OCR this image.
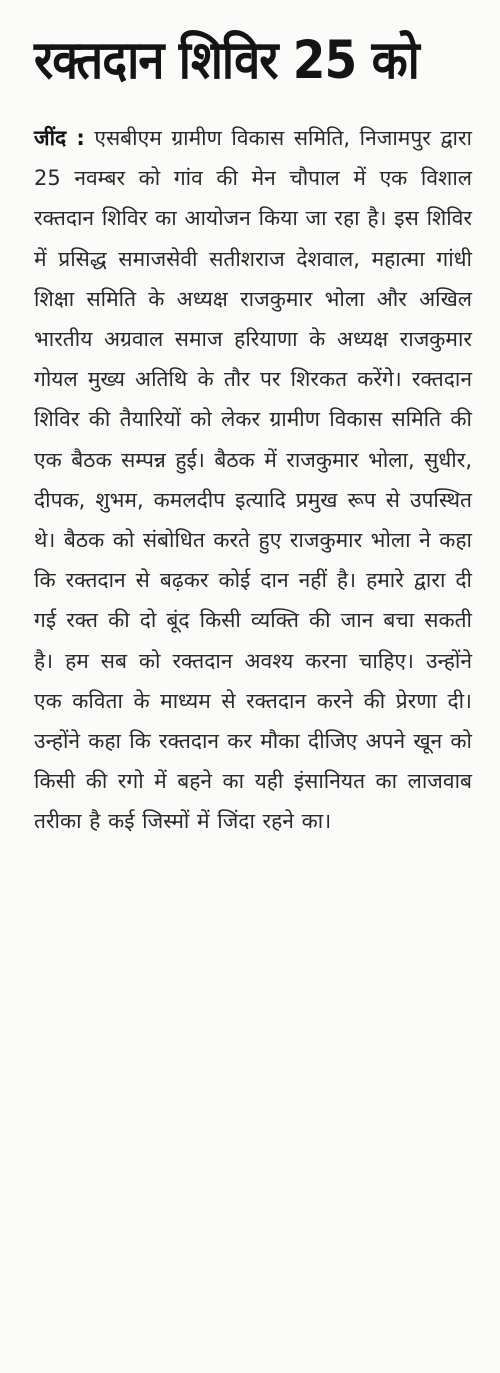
रक्तदान शिविर 25 को

जींद : एसबीएम ग्रामीण विकास समिति, निजामपुर द्वारा 25 नवम्बर को गांव की मेन चौपाल में एक विशाल रक्तदान शिविर का आयोजन किया जा रहा है। इस शिविर में प्रसिद्ध समाजसेवी सतीशराज देशवाल, महात्मा गांधी शिक्षा समिति के अध्यक्ष राजकुमार भोला और अखिल भारतीय अग्रवाल समाज हरियाणा के अध्यक्ष राजकुमार गोयल मुख्य अतिथि के तौर पर शिरकत करेंगे। रक्तदान शिविर की तैयारियों को लेकर ग्रामीण विकास समिति की एक बैठक सम्पन्न हुई। बैठक में राजकुमार भोला, सुधीर, दीपक, शुभम, कमलदीप इत्यादि प्रमुख रूप से उपस्थित थे। बैठक को संबोधित करते हुए राजकुमार भोला ने कहा कि रक्तदान से बढ़कर कोई दान नहीं है। हमारे द्वारा दी गई रक्त की दो बूंद किसी व्यक्ति की जान बचा सकती है। हम सब को रक्तदान अवश्य करना चाहिए। उन्होंने एक कविता के माध्यम से रक्तदान करने की प्रेरणा दी। उन्होंने कहा कि रक्तदान कर मौका दीजिए अपने खून को किसी की रगो में बहने का यही इंसानियत का लाजवाब तरीका है कई जिस्मों में जिंदा रहने का।
